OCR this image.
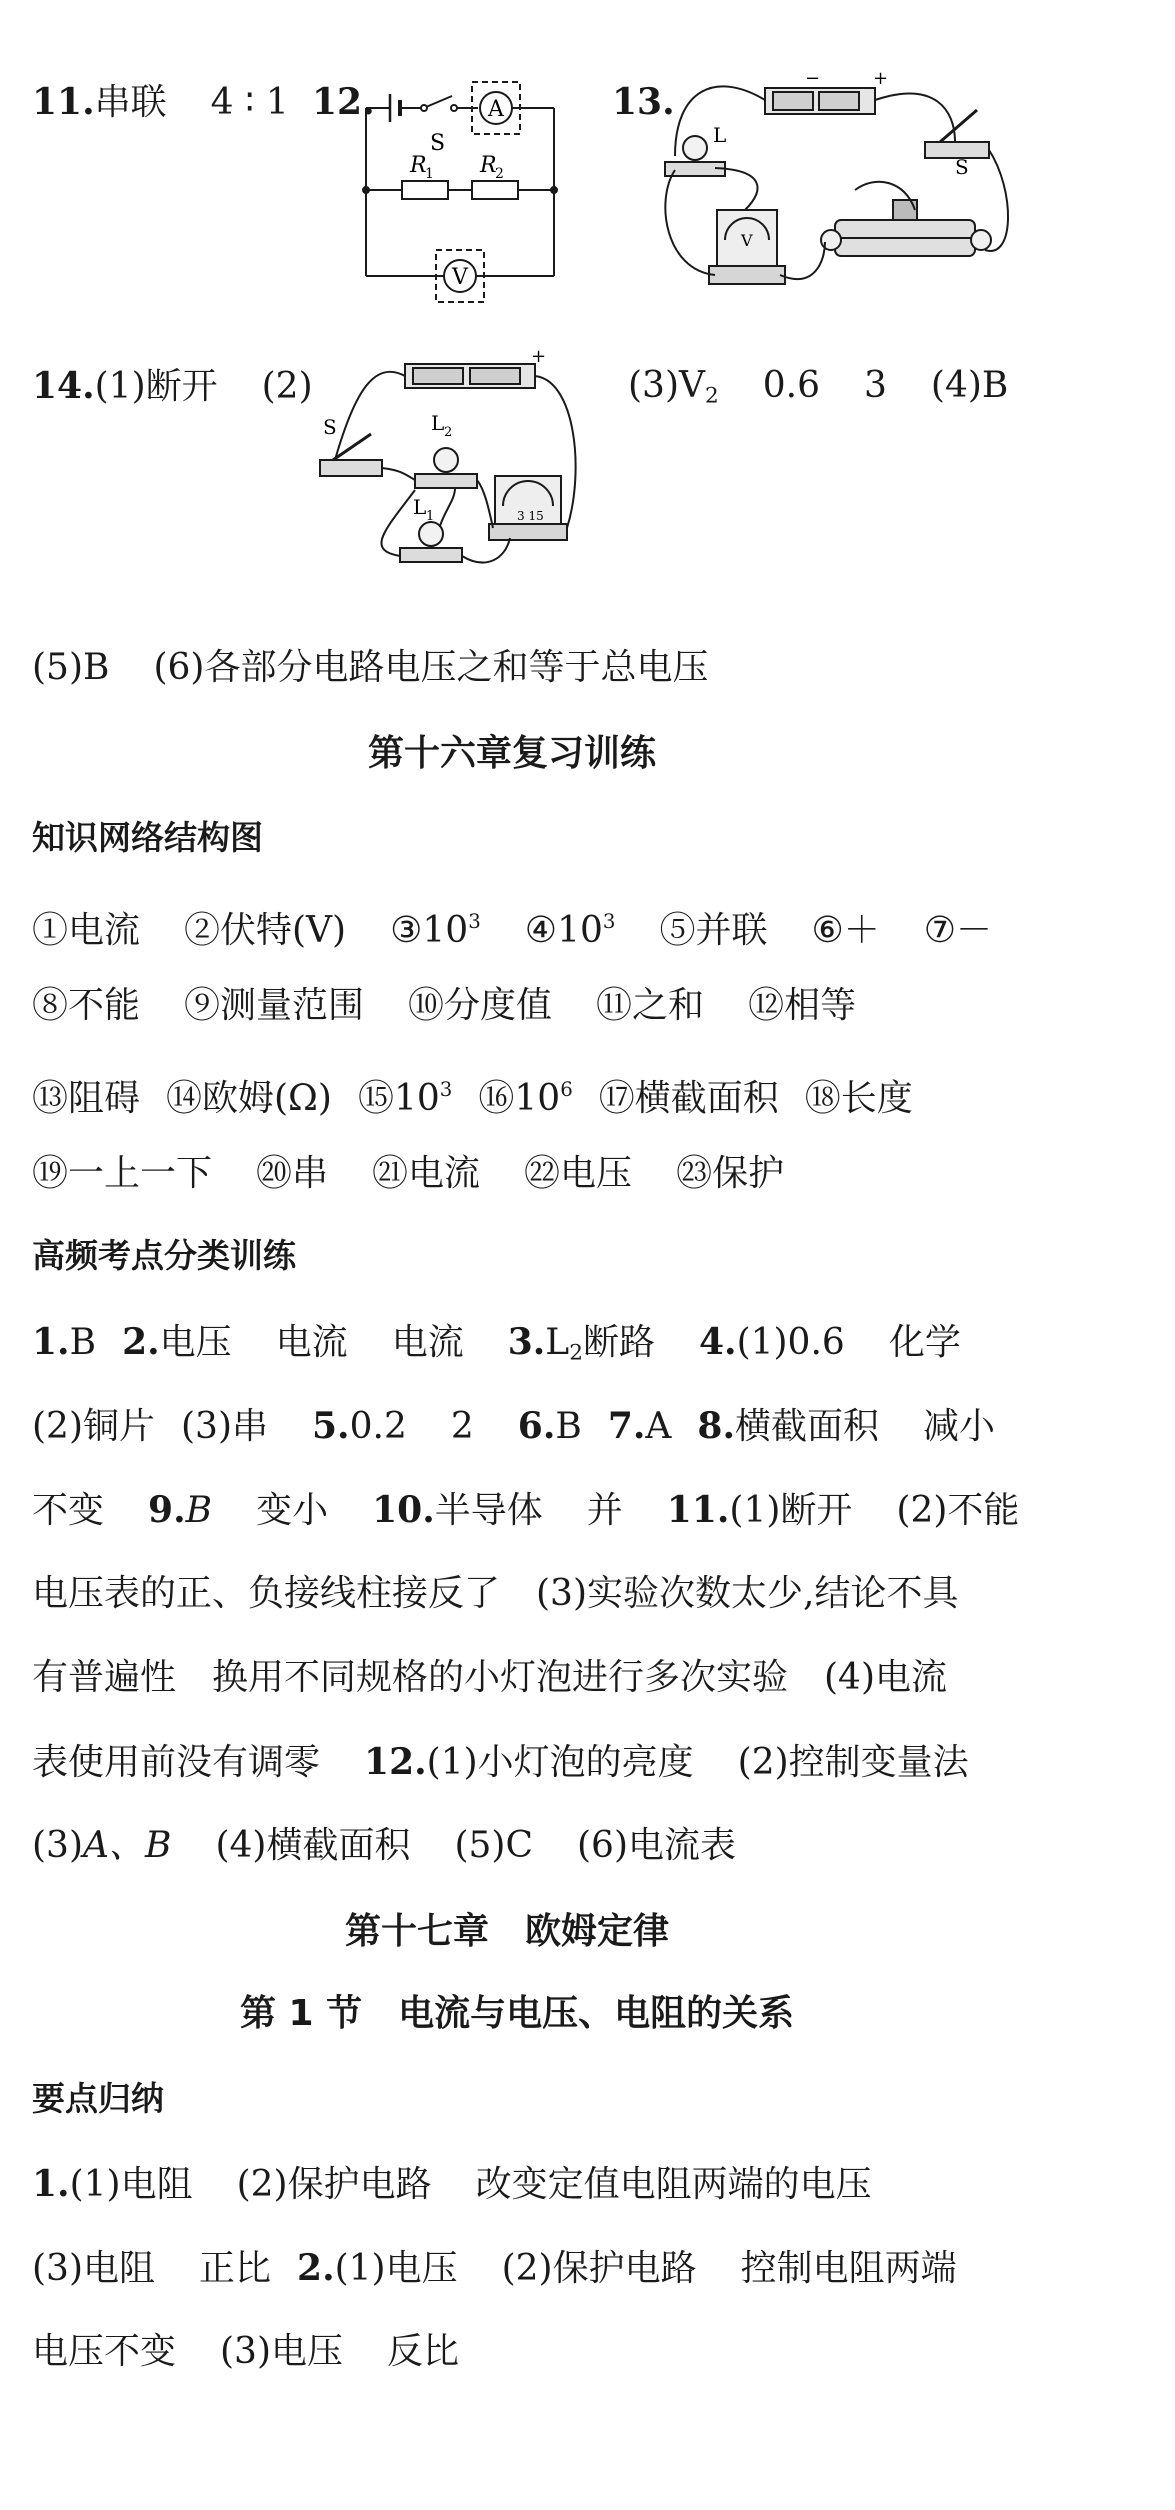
11.串联 4 ∶ 1 12.
S
A
R
1 R
2
V
13.
−	+
L
S
V
14.(1)断开 (2)
+
S	L 2
L 1	3 15
$(3)V_2$ 0.6 3 (4)B
(5)B (6)各部分电路电压之和等于总电压
第十六章复习训练
知识网络结构图
①电流 ②伏特(V) $③10^3$ $④10^3$ ⑤并联 ⑥＋ ⑦－
⑧不能 ⑨测量范围 ⑩分度值 ⑪之和 ⑫相等
⑬阻碍 ⑭欧姆(Ω) $⑮10^3$ $⑯10^6$ ⑰横截面积 ⑱长度
⑲一上一下 ⑳串 ㉑电流 ㉒电压 ㉓保护
高频考点分类训练
1.B 2.电压 电流 电流 $3.L_2$断路 4.(1)0.6 化学
(2)铜片 (3)串 5.0.2 2 6.B 7.A 8.横截面积 减小
不变 9.B 变小 10.半导体 并 11.(1)断开 (2)不能
电压表的正、负接线柱接反了　(3)实验次数太少,结论不具
有普遍性　换用不同规格的小灯泡进行多次实验　(4)电流
表使用前没有调零 12.(1)小灯泡的亮度 (2)控制变量法
(3)A、B (4)横截面积 (5)C (6)电流表
第十七章　欧姆定律
第 1 节　电流与电压、电阻的关系
要点归纳
1.(1)电阻 (2)保护电路 改变定值电阻两端的电压
(3)电阻 正比 2.(1)电压 (2)保护电路 控制电阻两端
电压不变 (3)电压 反比
